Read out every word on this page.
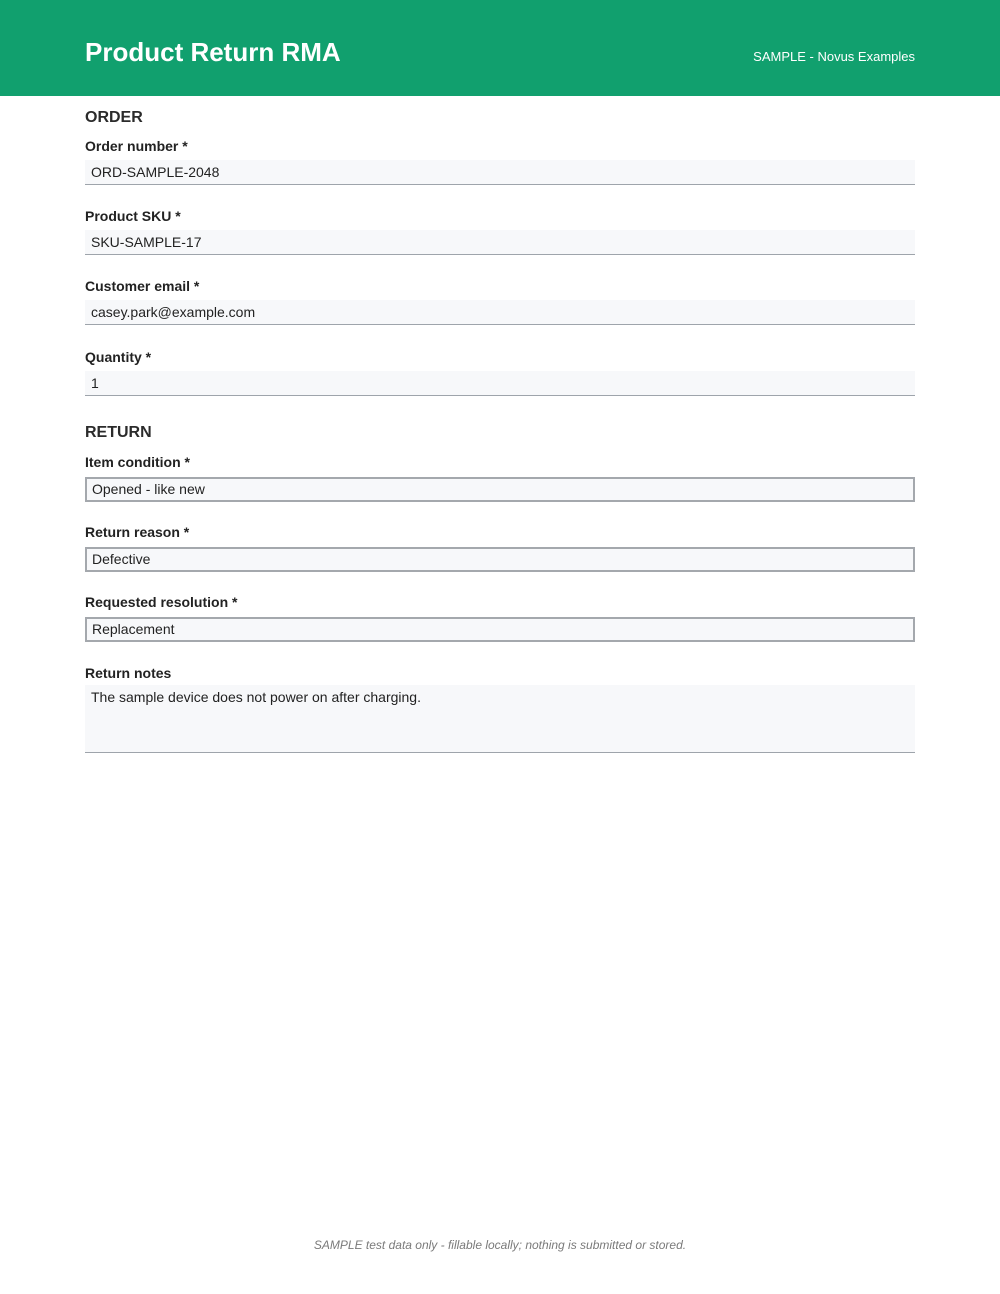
Product Return RMA	SAMPLE - Novus Examples
ORDER
Order number *
ORD-SAMPLE-2048
Product SKU *
SKU-SAMPLE-17
Customer email *
casey.park@example.com
Quantity *
1
RETURN
Item condition *
Opened - like new
Return reason *
Defective
Requested resolution *
Replacement
Return notes
The sample device does not power on after charging.
SAMPLE test data only - fillable locally; nothing is submitted or stored.
